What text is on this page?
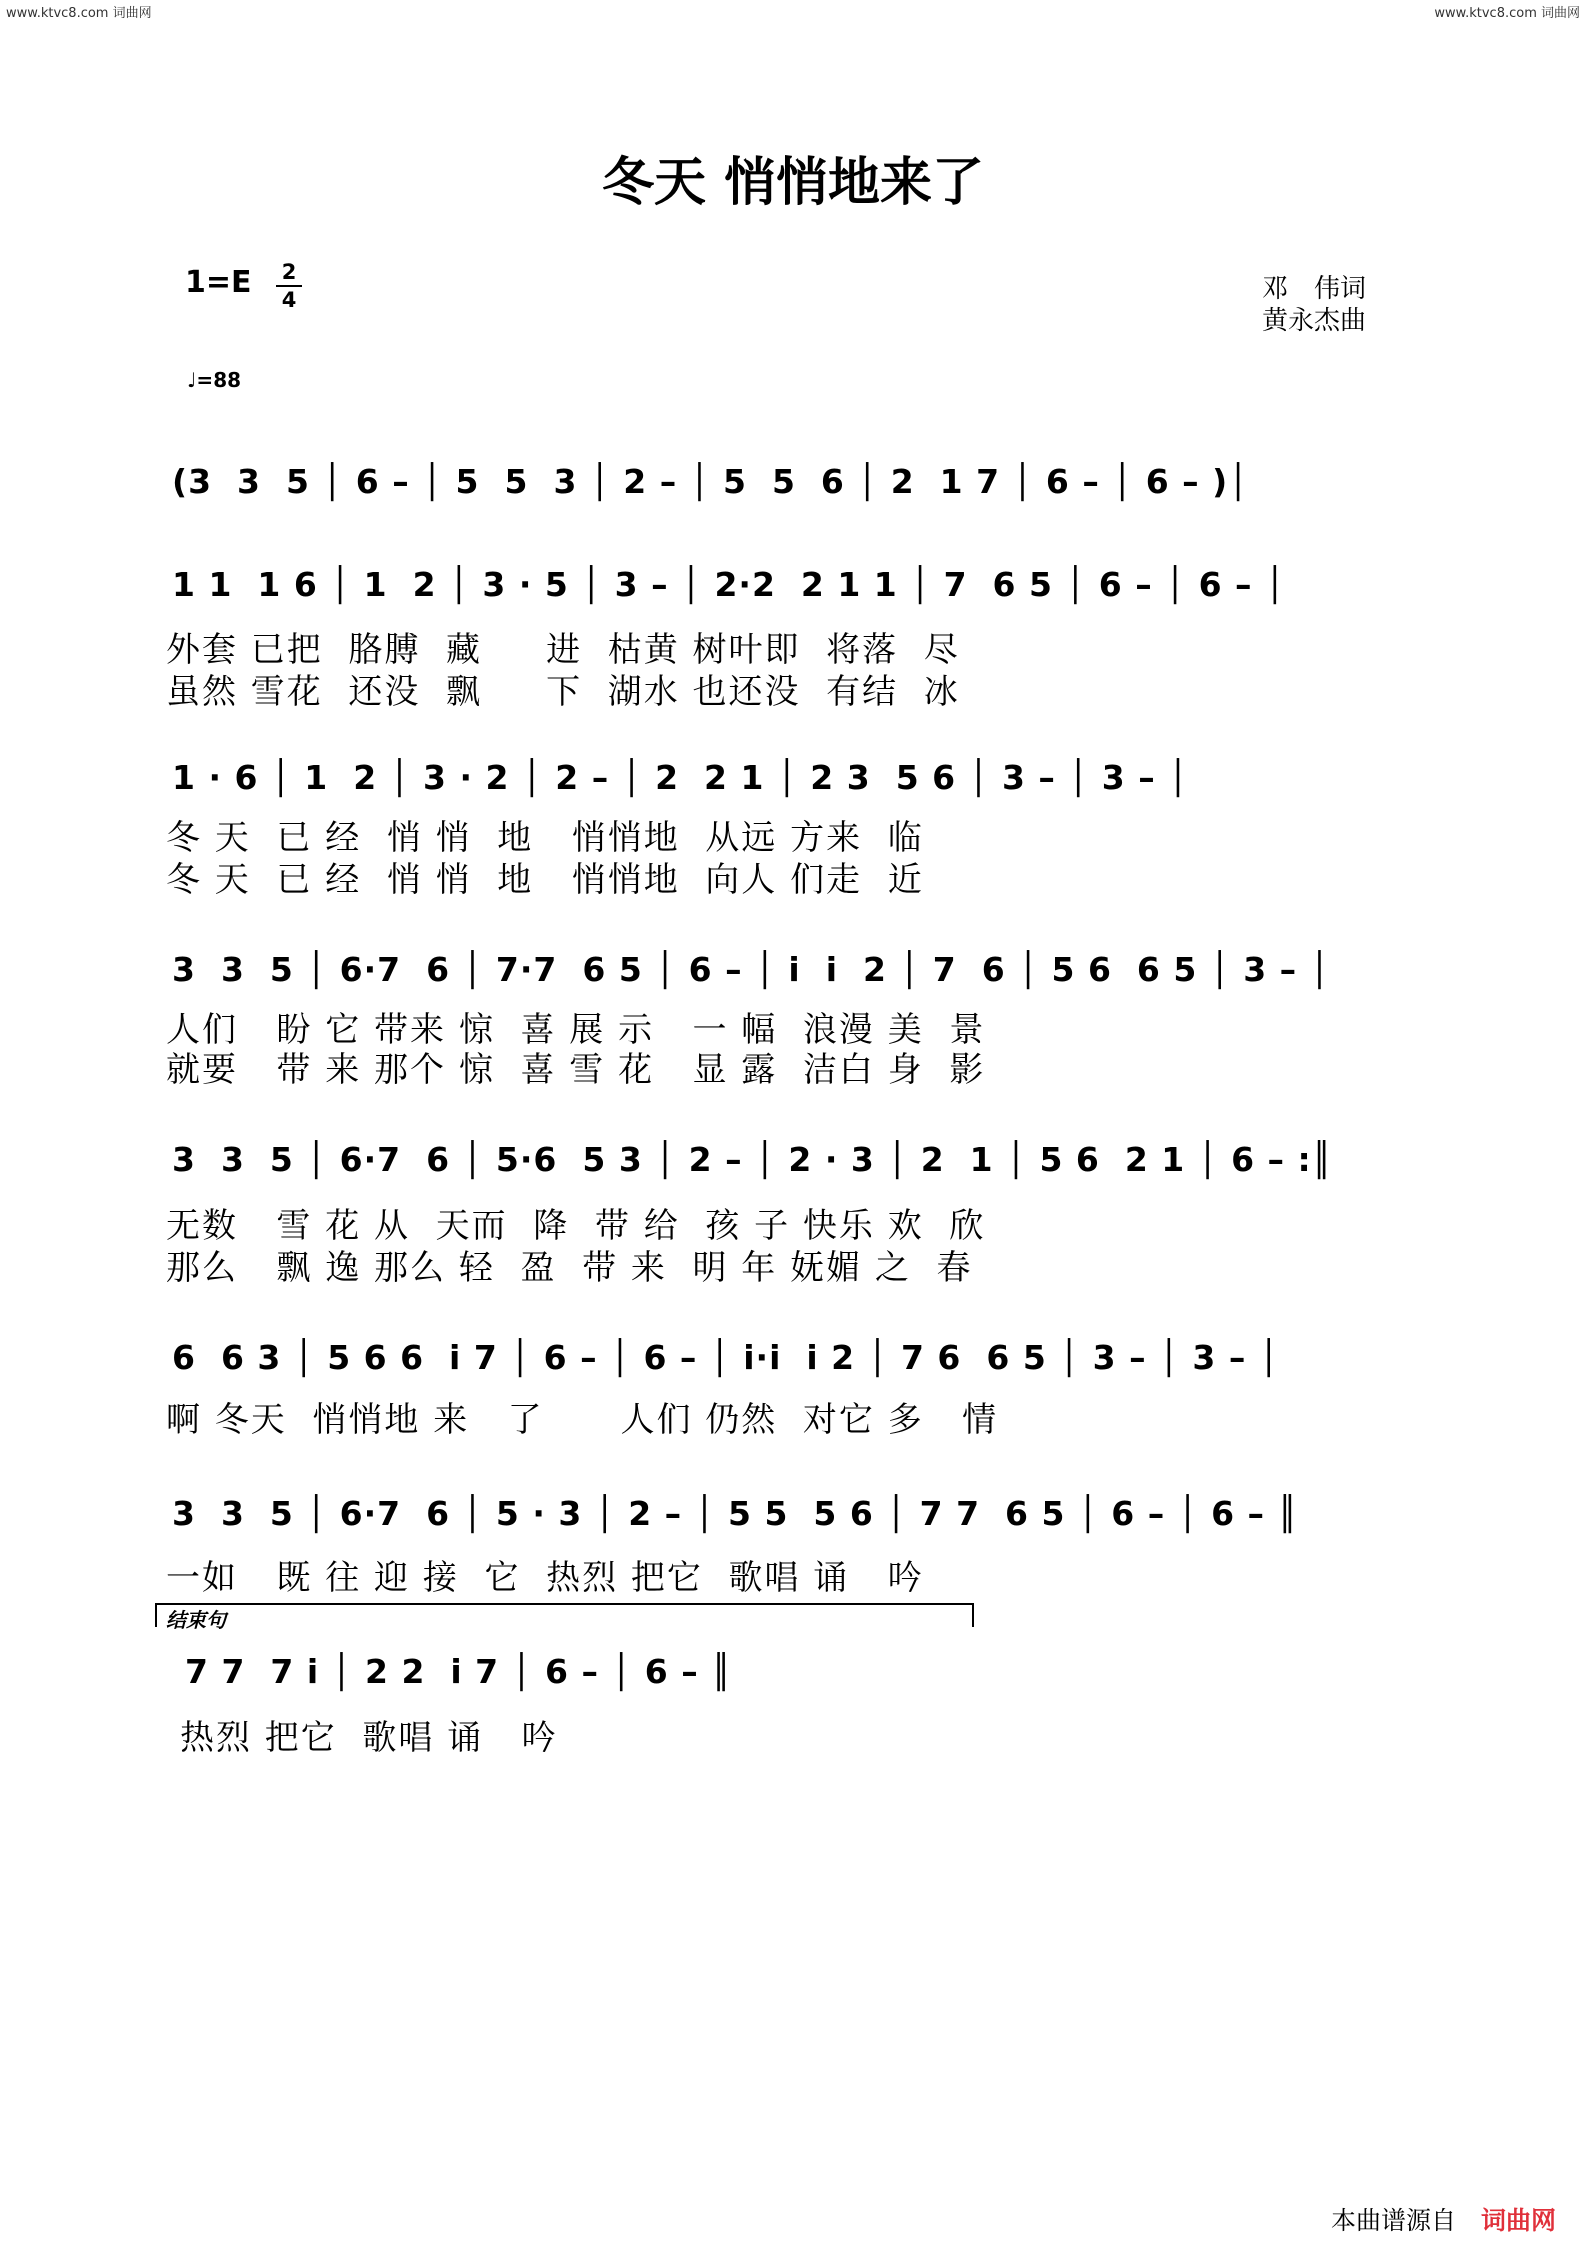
www.ktvc8.com 词曲网	www.ktvc8.com 词曲网
冬天 悄悄地来了
1=E 2
4
♩=88
邓　伟词
黄永杰曲
(3  3  5 │ 6 – │ 5  5  3 │ 2 – │ 5  5  6 │ 2  1 7 │ 6 – │ 6 – )│
1 1  1 6 │ 1  2 │ 3 · 5 │ 3 – │ 2·2  2 1 1 │ 7  6 5 │ 6 – │ 6 – │
外套 已把  胳膊  藏     进  枯黄 树叶即  将落  尽
虽然 雪花  还没  飘     下  湖水 也还没  有结  冰
1 · 6 │ 1  2 │ 3 · 2 │ 2 – │ 2  2 1 │ 2 3  5 6 │ 3 – │ 3 – │
冬 天  已 经  悄 悄  地   悄悄地  从远 方来  临
冬 天  已 经  悄 悄  地   悄悄地  向人 们走  近
3  3  5 │ 6·7  6 │ 7·7  6 5 │ 6 – │ i  i  2 │ 7  6 │ 5 6  6 5 │ 3 – │
人们   盼 它 带来 惊  喜 展 示   一 幅  浪漫 美  景
就要   带 来 那个 惊  喜 雪 花   显 露  洁白 身  影
3  3  5 │ 6·7  6 │ 5·6  5 3 │ 2 – │ 2 · 3 │ 2  1 │ 5 6  2 1 │ 6 – :║
无数   雪 花 从  天而  降  带 给  孩 子 快乐 欢  欣
那么   飘 逸 那么 轻  盈  带 来  明 年 妩媚 之  春
6  6 3 │ 5 6 6  i 7 │ 6 – │ 6 – │ i·i  i 2 │ 7 6  6 5 │ 3 – │ 3 – │
啊 冬天  悄悄地 来   了      人们 仍然  对它 多   情
3  3  5 │ 6·7  6 │ 5 · 3 │ 2 – │ 5 5  5 6 │ 7 7  6 5 │ 6 – │ 6 – ║
一如   既 往 迎 接  它  热烈 把它  歌唱 诵   吟
结束句
7 7  7 i │ 2 2  i 7 │ 6 – │ 6 – ║
热烈 把它  歌唱 诵   吟
本曲谱源自 词曲网
